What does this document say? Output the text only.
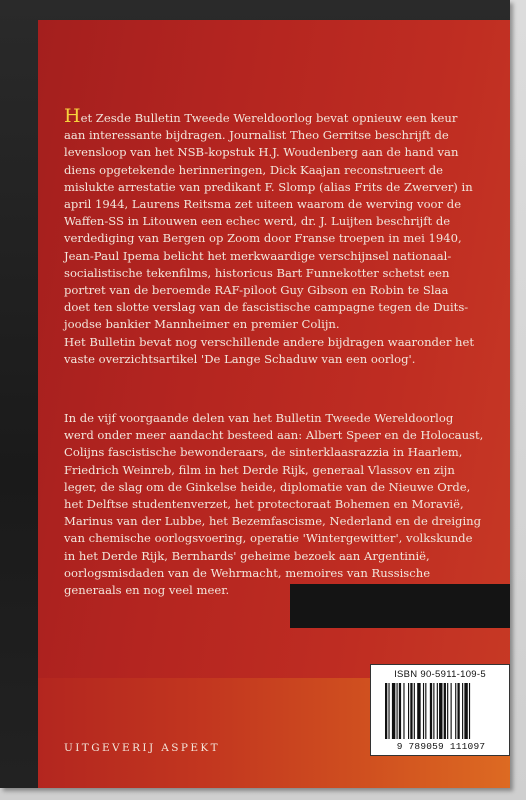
Het Zesde Bulletin Tweede Wereldoorlog bevat opnieuw een keur
aan interessante bijdragen. Journalist Theo Gerritse beschrijft de
levensloop van het NSB-kopstuk H.J. Woudenberg aan de hand van
diens opgetekende herinneringen, Dick Kaajan reconstrueert de
mislukte arrestatie van predikant F. Slomp (alias Frits de Zwerver) in
april 1944, Laurens Reitsma zet uiteen waarom de werving voor de
Waffen-SS in Litouwen een echec werd, dr. J. Luijten beschrijft de
verdediging van Bergen op Zoom door Franse troepen in mei 1940,
Jean-Paul Ipema belicht het merkwaardige verschijnsel nationaal-
socialistische tekenfilms, historicus Bart Funnekotter schetst een
portret van de beroemde RAF-piloot Guy Gibson en Robin te Slaa
doet ten slotte verslag van de fascistische campagne tegen de Duits-
joodse bankier Mannheimer en premier Colijn.
Het Bulletin bevat nog verschillende andere bijdragen waaronder het
vaste overzichtsartikel 'De Lange Schaduw van een oorlog'.

In de vijf voorgaande delen van het Bulletin Tweede Wereldoorlog
werd onder meer aandacht besteed aan: Albert Speer en de Holocaust,
Colijns fascistische bewonderaars, de sinterklaasrazzia in Haarlem,
Friedrich Weinreb, film in het Derde Rijk, generaal Vlassov en zijn
leger, de slag om de Ginkelse heide, diplomatie van de Nieuwe Orde,
het Delftse studentenverzet, het protectoraat Bohemen en Moravië,
Marinus van der Lubbe, het Bezemfascisme, Nederland en de dreiging
van chemische oorlogsvoering, operatie 'Wintergewitter', volkskunde
in het Derde Rijk, Bernhards' geheime bezoek aan Argentinië,
oorlogsmisdaden van de Wehrmacht, memoires van Russische
generaals en nog veel meer.

ISBN 90-5911-109-5
9 789059 111097
UITGEVERIJ ASPEKT
